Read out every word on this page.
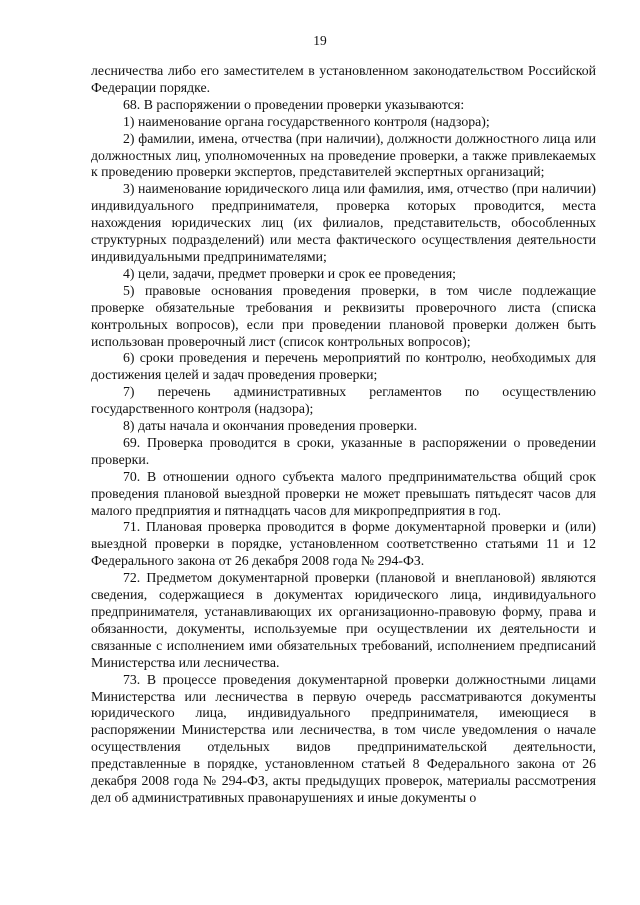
19

лесничества либо его заместителем в установленном законодательством Российской Федерации порядке.

68. В распоряжении о проведении проверки указываются:

1) наименование органа государственного контроля (надзора);

2) фамилии, имена, отчества (при наличии), должности должностного лица или должностных лиц, уполномоченных на проведение проверки, а также привлекаемых к проведению проверки экспертов, представителей экспертных организаций;

3) наименование юридического лица или фамилия, имя, отчество (при наличии) индивидуального предпринимателя, проверка которых проводится, места нахождения юридических лиц (их филиалов, представительств, обособленных структурных подразделений) или места фактического осуществления деятельности индивидуальными предпринимателями;

4) цели, задачи, предмет проверки и срок ее проведения;

5) правовые основания проведения проверки, в том числе подлежащие проверке обязательные требования и реквизиты проверочного листа (списка контрольных вопросов), если при проведении плановой проверки должен быть использован проверочный лист (список контрольных вопросов);

6) сроки проведения и перечень мероприятий по контролю, необходимых для достижения целей и задач проведения проверки;

7) перечень административных регламентов по осуществлению государственного контроля (надзора);

8) даты начала и окончания проведения проверки.

69. Проверка проводится в сроки, указанные в распоряжении о проведении проверки.

70. В отношении одного субъекта малого предпринимательства общий срок проведения плановой выездной проверки не может превышать пятьдесят часов для малого предприятия и пятнадцать часов для микропредприятия в год.

71. Плановая проверка проводится в форме документарной проверки и (или) выездной проверки в порядке, установленном соответственно статьями 11 и 12 Федерального закона от 26 декабря 2008 года № 294-ФЗ.

72. Предметом документарной проверки (плановой и внеплановой) являются сведения, содержащиеся в документах юридического лица, индивидуального предпринимателя, устанавливающих их организационно-правовую форму, права и обязанности, документы, используемые при осуществлении их деятельности и связанные с исполнением ими обязательных требований, исполнением предписаний Министерства или лесничества.

73. В процессе проведения документарной проверки должностными лицами Министерства или лесничества в первую очередь рассматриваются документы юридического лица, индивидуального предпринимателя, имеющиеся в распоряжении Министерства или лесничества, в том числе уведомления о начале осуществления отдельных видов предпринимательской деятельности, представленные в порядке, установленном статьей 8 Федерального закона от 26 декабря 2008 года № 294-ФЗ, акты предыдущих проверок, материалы рассмотрения дел об административных правонарушениях и иные документы о
